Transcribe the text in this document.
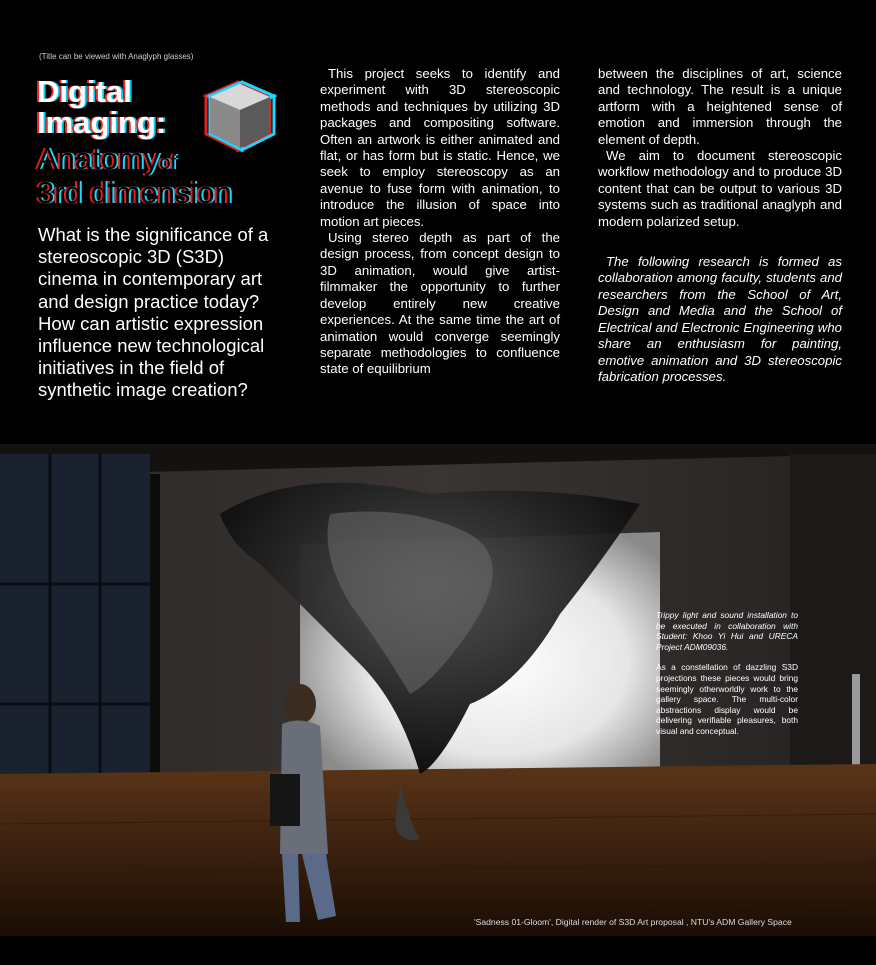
(Title can be viewed with Anaglyph glasses)
Digital
Imaging:
Anatomyof
3rd dimension
What is the significance of a stereoscopic 3D (S3D) cinema in contemporary art and design practice today? How can artistic expression influence new technological initiatives in the field of synthetic image creation?

This project seeks to identify and experiment with 3D stereoscopic methods and techniques by utilizing 3D packages and compositing software. Often an artwork is either animated and flat, or has form but is static. Hence, we seek to employ stereoscopy as an avenue to fuse form with animation, to introduce the illusion of space into motion art pieces.

Using stereo depth as part of the design process, from concept design to 3D animation, would give artist-filmmaker the opportunity to further develop entirely new creative experiences. At the same time the art of animation would converge seemingly separate methodologies to confluence state of equilibrium

between the disciplines of art, science and technology. The result is a unique artform with a heightened sense of emotion and immersion through the element of depth.

We aim to document stereoscopic workflow methodology and to produce 3D content that can be output to various 3D systems such as traditional anaglyph and modern polarized setup.

The following research is formed as collaboration among faculty, students and researchers from the School of Art, Design and Media and the School of Electrical and Electronic Engineering who share an enthusiasm for painting, emotive animation and 3D stereoscopic fabrication processes.

Trippy light and sound installation to be executed in collaboration with Student: Khoo Yi Hui and URECA Project ADM09036.

As a constellation of dazzling S3D projections these pieces would bring seemingly otherworldly work to the gallery space. The multi-color abstractions display would be delivering verifiable pleasures, both visual and conceptual.

'Sadness 01-Gloom', Digital render of S3D Art proposal , NTU's ADM Gallery Space
